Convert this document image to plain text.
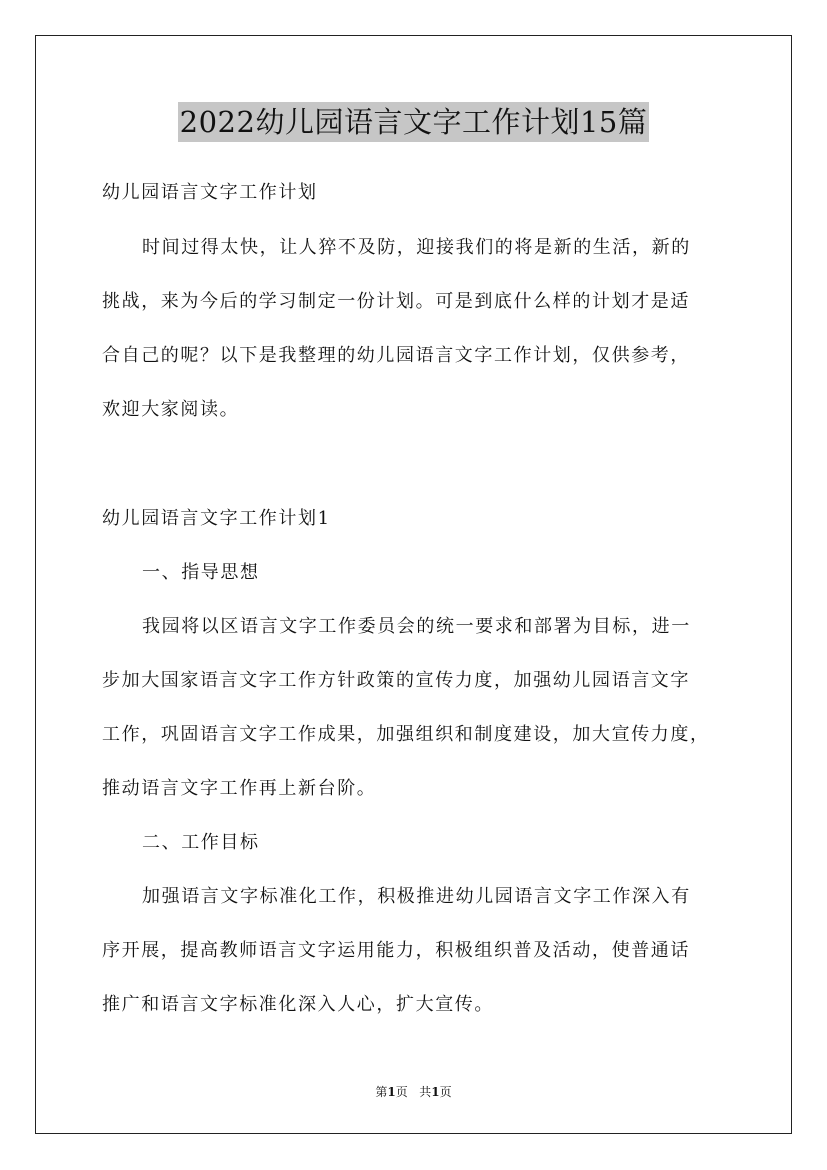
2022幼儿园语言文字工作计划15篇
幼儿园语言文字工作计划
时间过得太快，让人猝不及防，迎接我们的将是新的生活，新的
挑战，来为今后的学习制定一份计划。可是到底什么样的计划才是适
合自己的呢？以下是我整理的幼儿园语言文字工作计划，仅供参考，
欢迎大家阅读。
幼儿园语言文字工作计划1
一、指导思想
我园将以区语言文字工作委员会的统一要求和部署为目标，进一
步加大国家语言文字工作方针政策的宣传力度，加强幼儿园语言文字
工作，巩固语言文字工作成果，加强组织和制度建设，加大宣传力度，
推动语言文字工作再上新台阶。
二、工作目标
加强语言文字标准化工作，积极推进幼儿园语言文字工作深入有
序开展，提高教师语言文字运用能力，积极组织普及活动，使普通话
推广和语言文字标准化深入人心，扩大宣传。
第1页 共1页
